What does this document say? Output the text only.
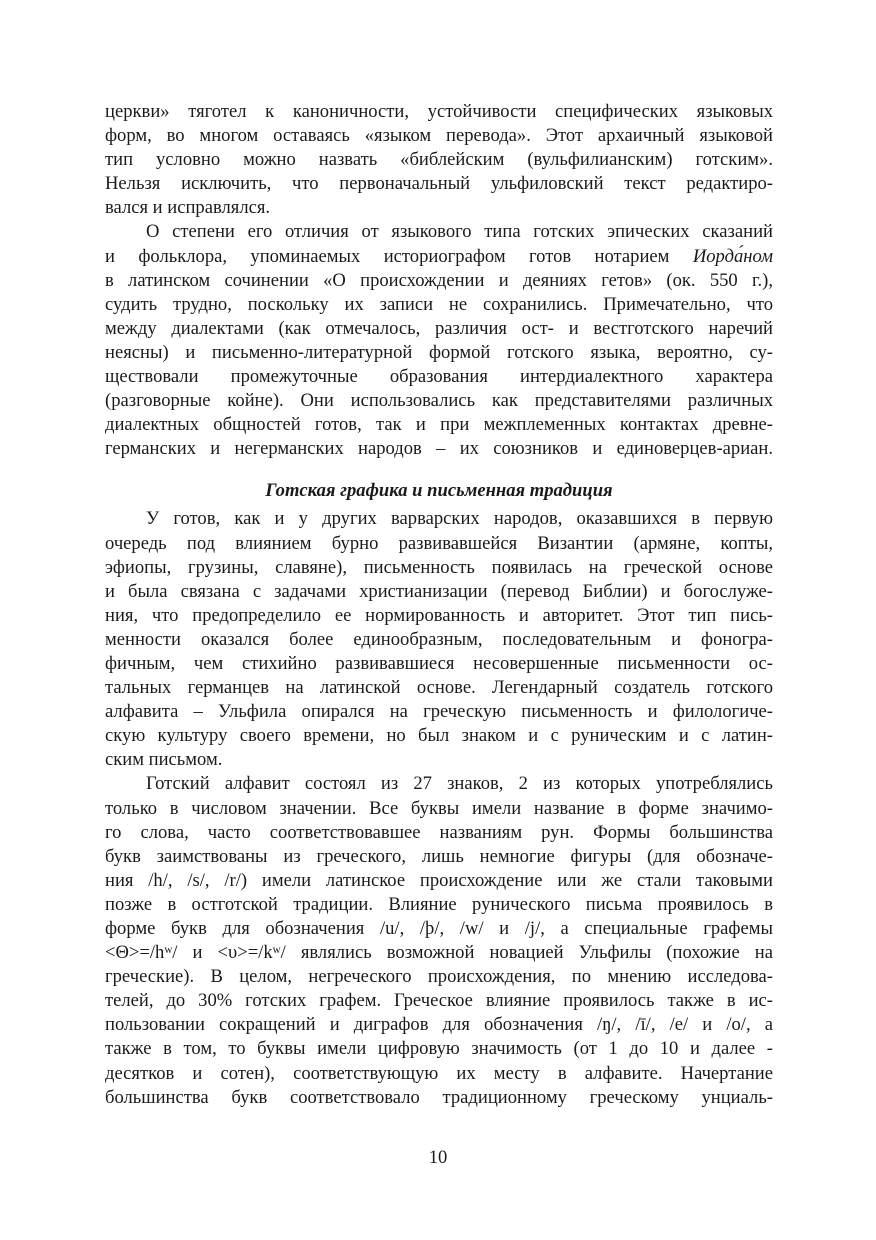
церкви» тяготел к каноничности, устойчивости специфических языковых
форм, во многом оставаясь «языком перевода». Этот архаичный языковой
тип условно можно назвать «библейским (вульфилианским) готским».
Нельзя исключить, что первоначальный ульфиловский текст редактиро-
вался и исправлялся.
О степени его отличия от языкового типа готских эпических сказаний
и фольклора, упоминаемых историографом готов нотарием Иорда́ном
в латинском сочинении «О происхождении и деяниях гетов» (ок. 550 г.),
судить трудно, поскольку их записи не сохранились. Примечательно, что
между диалектами (как отмечалось, различия ост- и вестготского наречий
неясны) и письменно-литературной формой готского языка, вероятно, су-
ществовали промежуточные образования интердиалектного характера
(разговорные койне). Они использовались как представителями различных
диалектных общностей готов, так и при межплеменных контактах древне-
германских и негерманских народов – их союзников и единоверцев-ариан.
Готская графика и письменная традиция
У готов, как и у других варварских народов, оказавшихся в первую
очередь под влиянием бурно развивавшейся Византии (армяне, копты,
эфиопы, грузины, славяне), письменность появилась на греческой основе
и была связана с задачами христианизации (перевод Библии) и богослуже-
ния, что предопределило ее нормированность и авторитет. Этот тип пись-
менности оказался более единообразным, последовательным и фоногра-
фичным, чем стихийно развивавшиеся несовершенные письменности ос-
тальных германцев на латинской основе. Легендарный создатель готского
алфавита – Ульфила опирался на греческую письменность и филологиче-
скую культуру своего времени, но был знаком и с руническим и с латин-
ским письмом.
Готский алфавит состоял из 27 знаков, 2 из которых употреблялись
только в числовом значении. Все буквы имели название в форме значимо-
го слова, часто соответствовавшее названиям рун. Формы большинства
букв заимствованы из греческого, лишь немногие фигуры (для обозначе-
ния /h/, /s/, /r/) имели латинское происхождение или же стали таковыми
позже в остготской традиции. Влияние рунического письма проявилось в
форме букв для обозначения /u/, /þ/, /w/ и /j/, а специальные графемы
<Θ>=/hʷ/ и <υ>=/kʷ/ являлись возможной новацией Ульфилы (похожие на
греческие). В целом, негреческого происхождения, по мнению исследова-
телей, до 30% готских графем. Греческое влияние проявилось также в ис-
пользовании сокращений и диграфов для обозначения /ŋ/, /ī/, /e/ и /o/, а
также в том, то буквы имели цифровую значимость (от 1 до 10 и далее -
десятков и сотен), соответствующую их месту в алфавите. Начертание
большинства букв соответствовало традиционному греческому унциаль-
10
